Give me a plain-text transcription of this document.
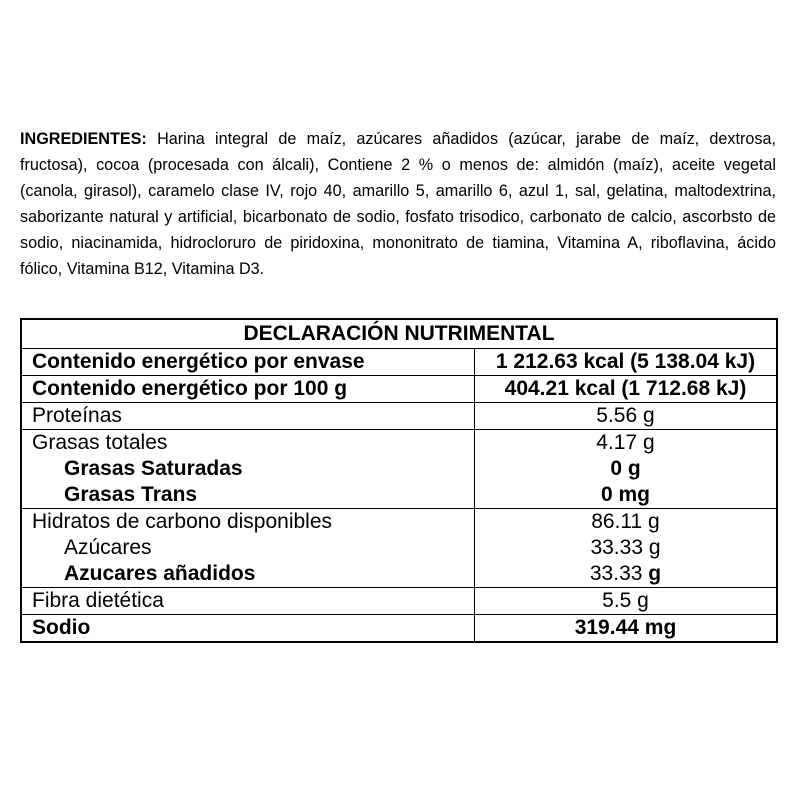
INGREDIENTES: Harina integral de maíz, azúcares añadidos (azúcar, jarabe de maíz, dextrosa, fructosa), cocoa (procesada con álcali), Contiene 2 % o menos de: almidón (maíz), aceite vegetal (canola, girasol), caramelo clase IV, rojo 40, amarillo 5, amarillo 6, azul 1, sal, gelatina, maltodextrina, saborizante natural y artificial, bicarbonato de sodio, fosfato trisodico, carbonato de calcio, ascorbsto de sodio, niacinamida, hidrocloruro de piridoxina, mononitrato de tiamina, Vitamina A, riboflavina, ácido fólico, Vitamina B12, Vitamina D3.
DECLARACIÓN NUTRIMENTAL	
Contenido energético por envase	1 212.63 kcal (5 138.04 kJ)
Contenido energético por 100 g	404.21 kcal (1 712.68 kJ)
Proteínas	5.56 g
Grasas totales	4.17 g
Grasas Saturadas	0 g
Grasas Trans	0 mg
Hidratos de carbono disponibles	86.11 g
Azúcares	33.33 g
Azucares añadidos	33.33 g
Fibra dietética	5.5 g
Sodio	319.44 mg
